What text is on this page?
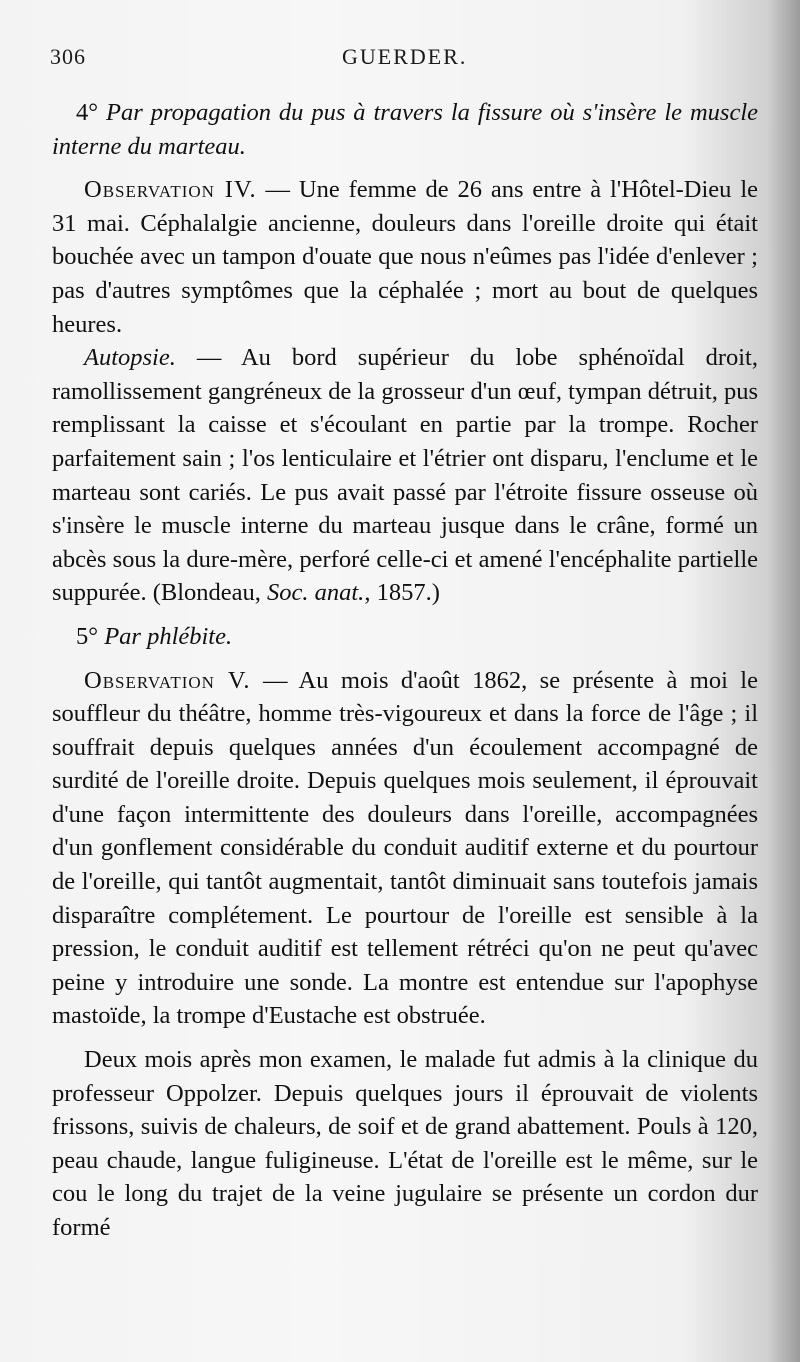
306	GUERDER.

4° Par propagation du pus à travers la fissure où s'insère le muscle interne du marteau.

Observation IV. — Une femme de 26 ans entre à l'Hôtel-Dieu le 31 mai. Céphalalgie ancienne, douleurs dans l'oreille droite qui était bouchée avec un tampon d'ouate que nous n'eûmes pas l'idée d'enlever ; pas d'autres symptômes que la céphalée ; mort au bout de quelques heures.

Autopsie. — Au bord supérieur du lobe sphénoïdal droit, ramollissement gangréneux de la grosseur d'un œuf, tympan détruit, pus remplissant la caisse et s'écoulant en partie par la trompe. Rocher parfaitement sain ; l'os lenticulaire et l'étrier ont disparu, l'enclume et le marteau sont cariés. Le pus avait passé par l'étroite fissure osseuse où s'insère le muscle interne du marteau jusque dans le crâne, formé un abcès sous la dure-mère, perforé celle-ci et amené l'encéphalite partielle suppurée. (Blondeau, Soc. anat., 1857.)

5° Par phlébite.

Observation V. — Au mois d'août 1862, se présente à moi le souffleur du théâtre, homme très-vigoureux et dans la force de l'âge ; il souffrait depuis quelques années d'un écoulement accompagné de surdité de l'oreille droite. Depuis quelques mois seulement, il éprouvait d'une façon intermittente des douleurs dans l'oreille, accompagnées d'un gonflement considérable du conduit auditif externe et du pourtour de l'oreille, qui tantôt augmentait, tantôt diminuait sans toutefois jamais disparaître complétement. Le pourtour de l'oreille est sensible à la pression, le conduit auditif est tellement rétréci qu'on ne peut qu'avec peine y introduire une sonde. La montre est entendue sur l'apophyse mastoïde, la trompe d'Eustache est obstruée.

Deux mois après mon examen, le malade fut admis à la clinique du professeur Oppolzer. Depuis quelques jours il éprouvait de violents frissons, suivis de chaleurs, de soif et de grand abattement. Pouls à 120, peau chaude, langue fuligineuse. L'état de l'oreille est le même, sur le cou le long du trajet de la veine jugulaire se présente un cordon dur formé
